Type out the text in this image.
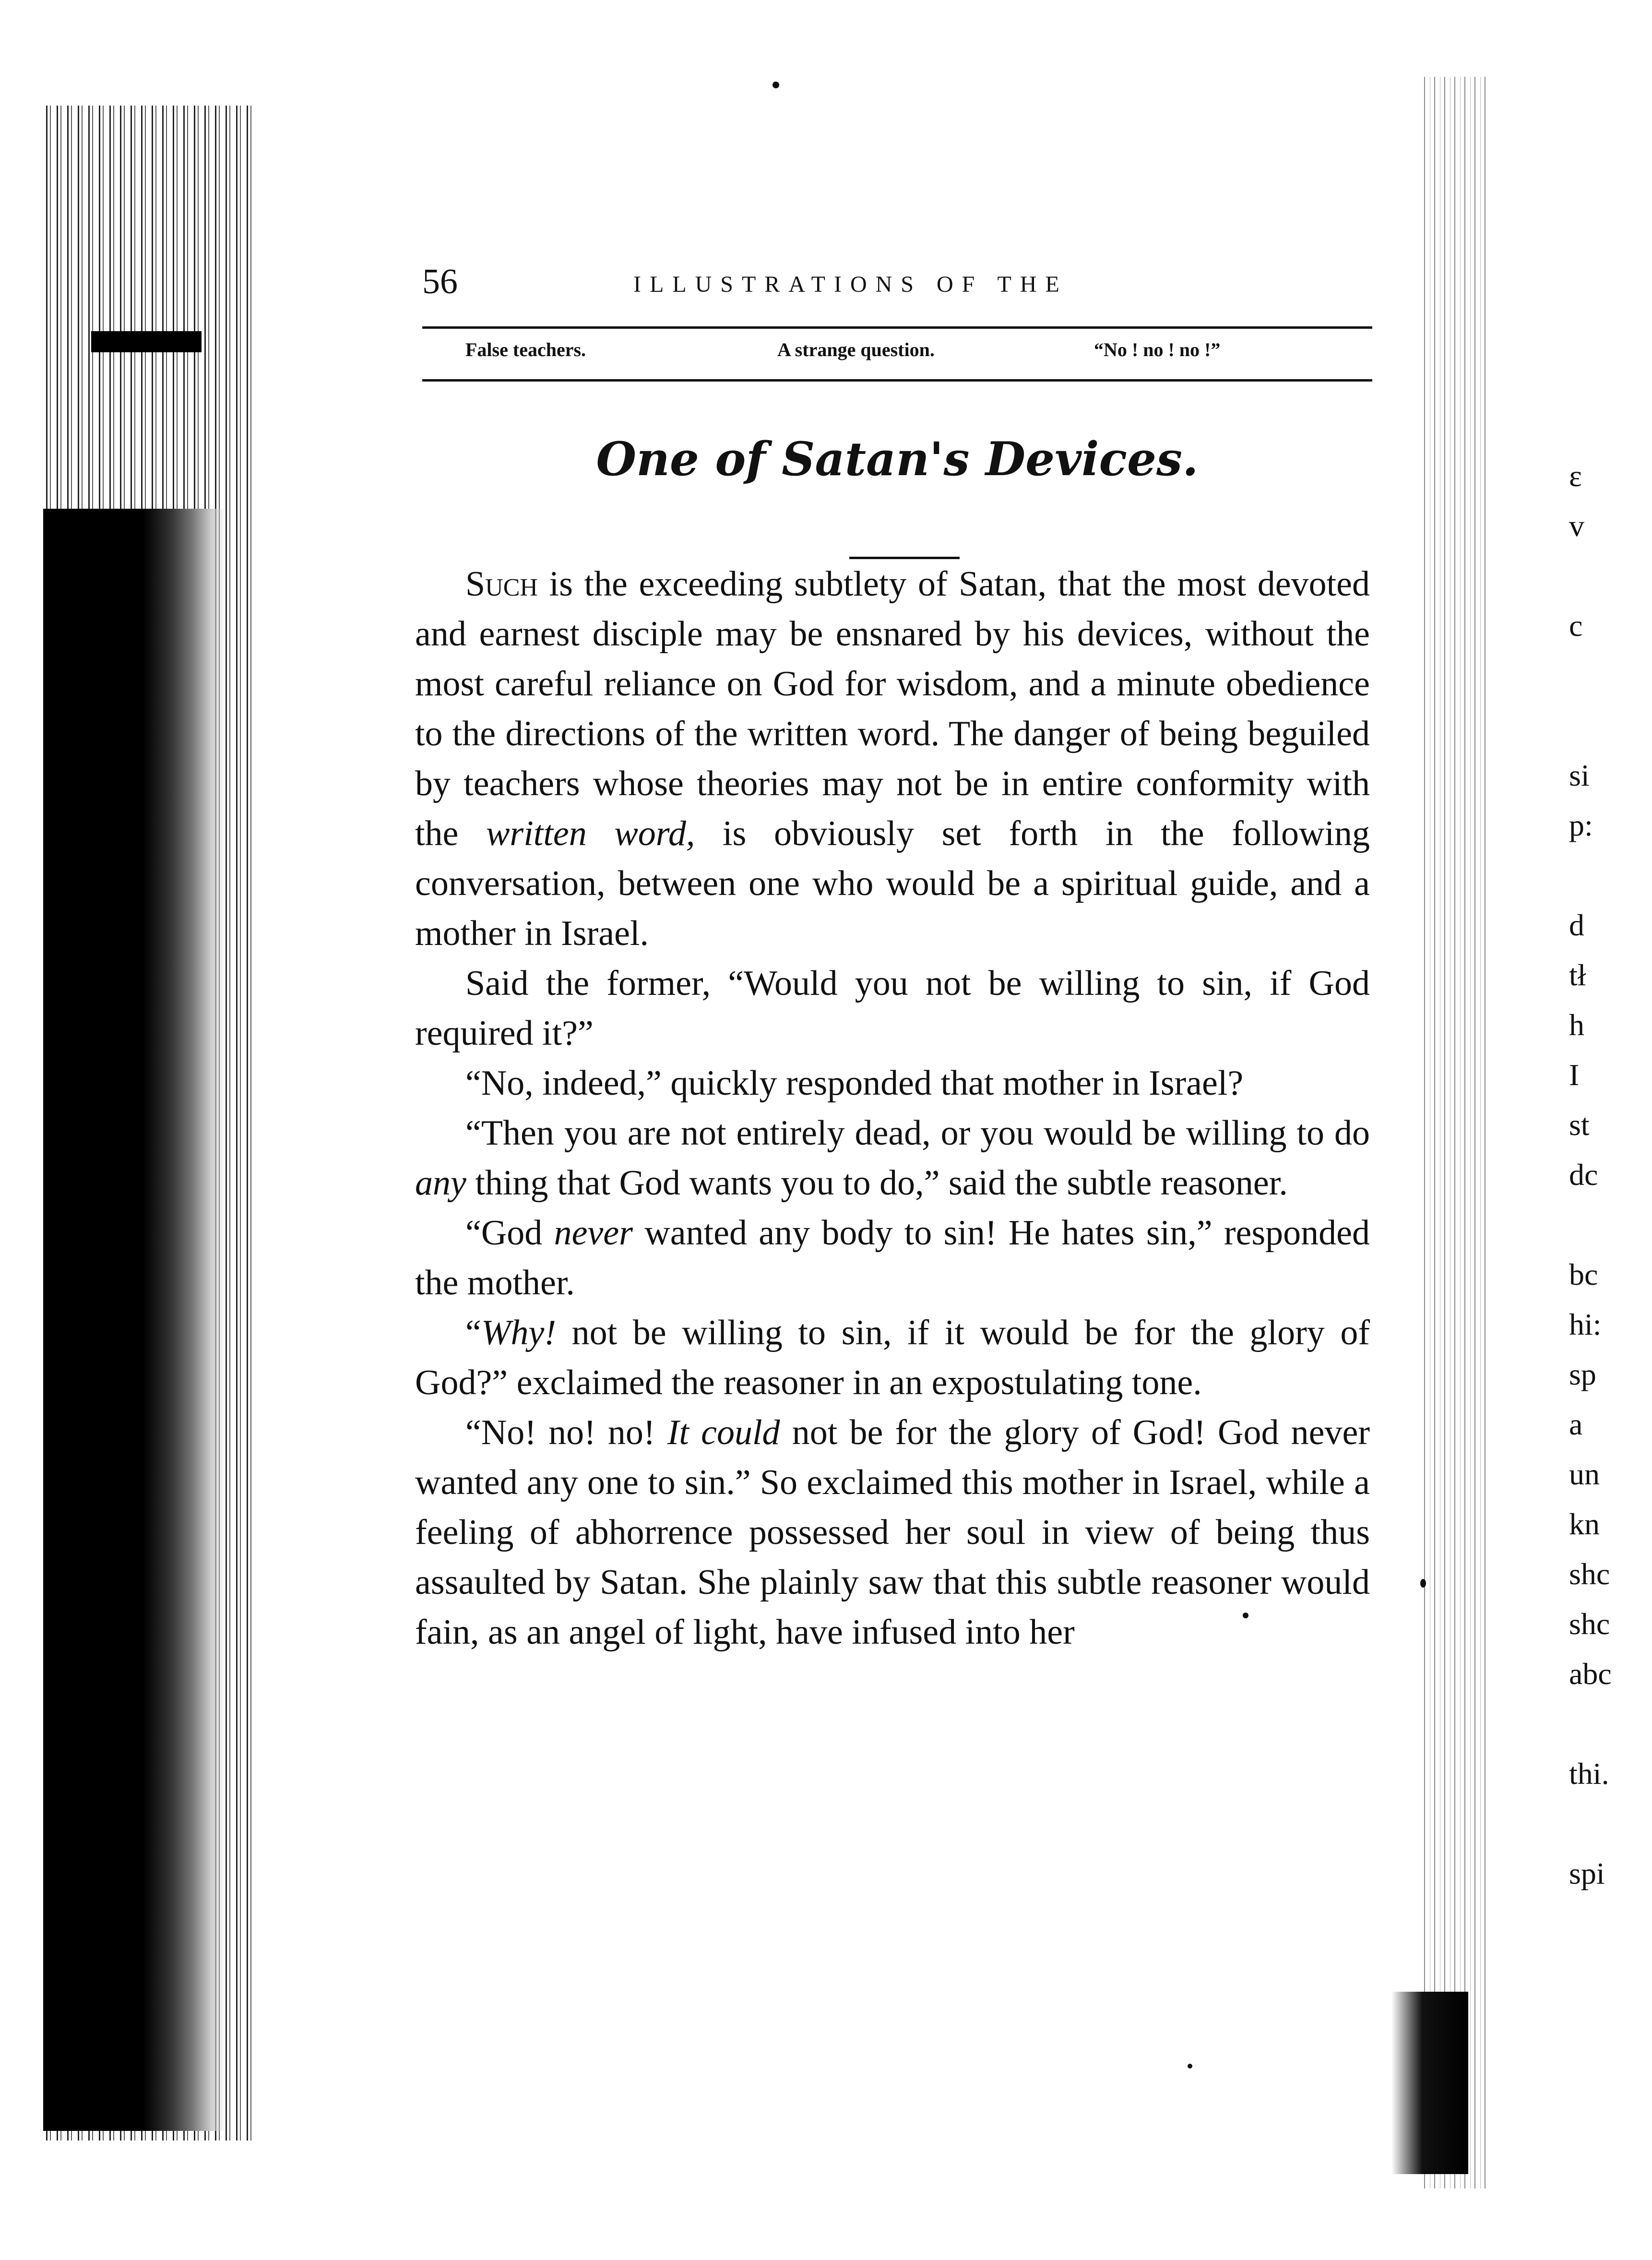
56	ILLUSTRATIONS OF THE
False teachers.	A strange question.	“No ! no ! no !”
One of Satan's Devices.

Such is the exceeding subtlety of Satan, that the most devoted and earnest disciple may be ensnared by his devices, without the most careful reliance on God for wisdom, and a minute obedience to the directions of the written word. The danger of being beguiled by teachers whose theories may not be in entire conformity with the written word, is obviously set forth in the following conversation, between one who would be a spiritual guide, and a mother in Israel.

Said the former, “Would you not be willing to sin, if God required it?”

“No, indeed,” quickly responded that mother in Israel?

“Then you are not entirely dead, or you would be willing to do any thing that God wants you to do,” said the subtle reasoner.

“God never wanted any body to sin! He hates sin,” responded the mother.

“Why! not be willing to sin, if it would be for the glory of God?” exclaimed the reasoner in an expostulating tone.

“No! no! no! It could not be for the glory of God! God never wanted any one to sin.” So exclaimed this mother in Israel, while a feeling of abhorrence possessed her soul in view of being thus assaulted by Satan. She plainly saw that this subtle reasoner would fain, as an angel of light, have infused into her

ε
v

c

si
p:

d
tł
h
I
st
dc

bc
hi:
sp
a
un
kn
shc
shc
abc

thi.

spi
